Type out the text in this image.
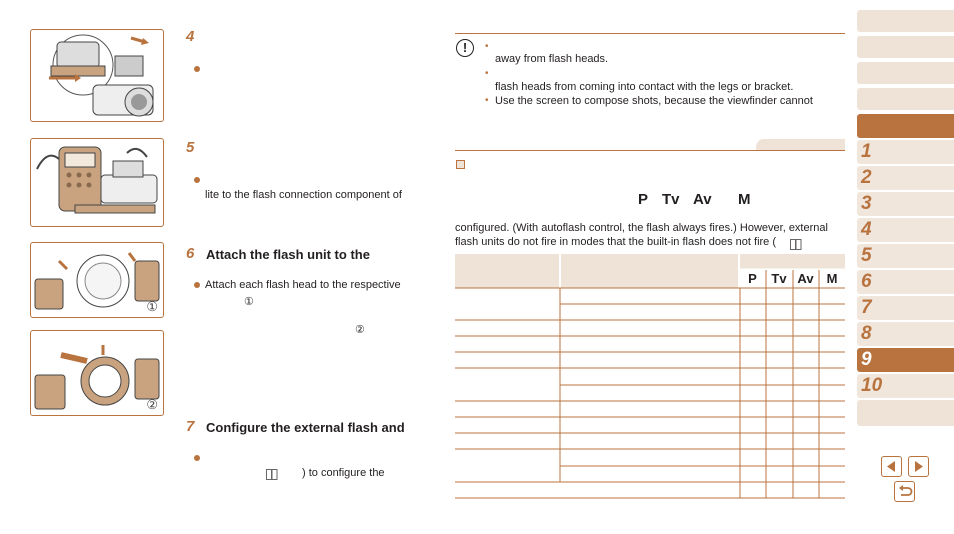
①
②
4
5
lite to the flash connection component of
6 Attach the flash unit to the
Attach each flash head to the respective
①
②
7 Configure the external flash and
) to configure the
!	•
away from flash heads.
•
flash heads from coming into contact with the legs or bracket.
• Use the screen to compose shots, because the viewfinder cannot
P Tv Av M
configured. (With autoflash control, the flash always fires.) However, external
flash units do not fire in modes that the built-in flash does not fire (
P	Tv Av	M
1
2
3
4
5
6
7
8
9
10
